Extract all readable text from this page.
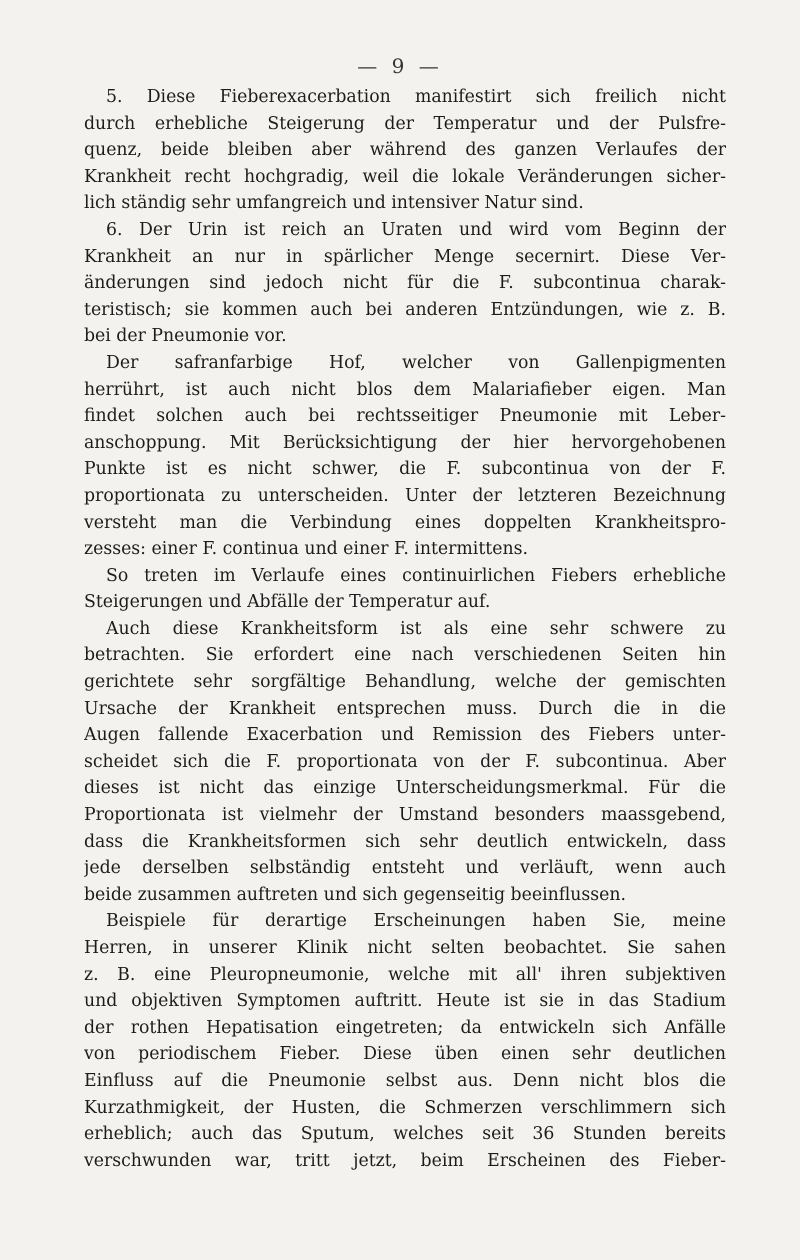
— 9 —
5. Diese Fieberexacerbation manifestirt sich freilich nicht
durch erhebliche Steigerung der Temperatur und der Pulsfre-
quenz, beide bleiben aber während des ganzen Verlaufes der
Krankheit recht hochgradig, weil die lokale Veränderungen sicher-
lich ständig sehr umfangreich und intensiver Natur sind.
6. Der Urin ist reich an Uraten und wird vom Beginn der
Krankheit an nur in spärlicher Menge secernirt. Diese Ver-
änderungen sind jedoch nicht für die F. subcontinua charak-
teristisch; sie kommen auch bei anderen Entzündungen, wie z. B.
bei der Pneumonie vor.
Der safranfarbige Hof, welcher von Gallenpigmenten
herrührt, ist auch nicht blos dem Malariafieber eigen. Man
findet solchen auch bei rechtsseitiger Pneumonie mit Leber-
anschoppung. Mit Berücksichtigung der hier hervorgehobenen
Punkte ist es nicht schwer, die F. subcontinua von der F.
proportionata zu unterscheiden. Unter der letzteren Bezeichnung
versteht man die Verbindung eines doppelten Krankheitspro-
zesses: einer F. continua und einer F. intermittens.
So treten im Verlaufe eines continuirlichen Fiebers erhebliche
Steigerungen und Abfälle der Temperatur auf.
Auch diese Krankheitsform ist als eine sehr schwere zu
betrachten. Sie erfordert eine nach verschiedenen Seiten hin
gerichtete sehr sorgfältige Behandlung, welche der gemischten
Ursache der Krankheit entsprechen muss. Durch die in die
Augen fallende Exacerbation und Remission des Fiebers unter-
scheidet sich die F. proportionata von der F. subcontinua. Aber
dieses ist nicht das einzige Unterscheidungsmerkmal. Für die
Proportionata ist vielmehr der Umstand besonders maassgebend,
dass die Krankheitsformen sich sehr deutlich entwickeln, dass
jede derselben selbständig entsteht und verläuft, wenn auch
beide zusammen auftreten und sich gegenseitig beeinflussen.
Beispiele für derartige Erscheinungen haben Sie, meine
Herren, in unserer Klinik nicht selten beobachtet. Sie sahen
z. B. eine Pleuropneumonie, welche mit all' ihren subjektiven
und objektiven Symptomen auftritt. Heute ist sie in das Stadium
der rothen Hepatisation eingetreten; da entwickeln sich Anfälle
von periodischem Fieber. Diese üben einen sehr deutlichen
Einfluss auf die Pneumonie selbst aus. Denn nicht blos die
Kurzathmigkeit, der Husten, die Schmerzen verschlimmern sich
erheblich; auch das Sputum, welches seit 36 Stunden bereits
verschwunden war, tritt jetzt, beim Erscheinen des Fieber-
